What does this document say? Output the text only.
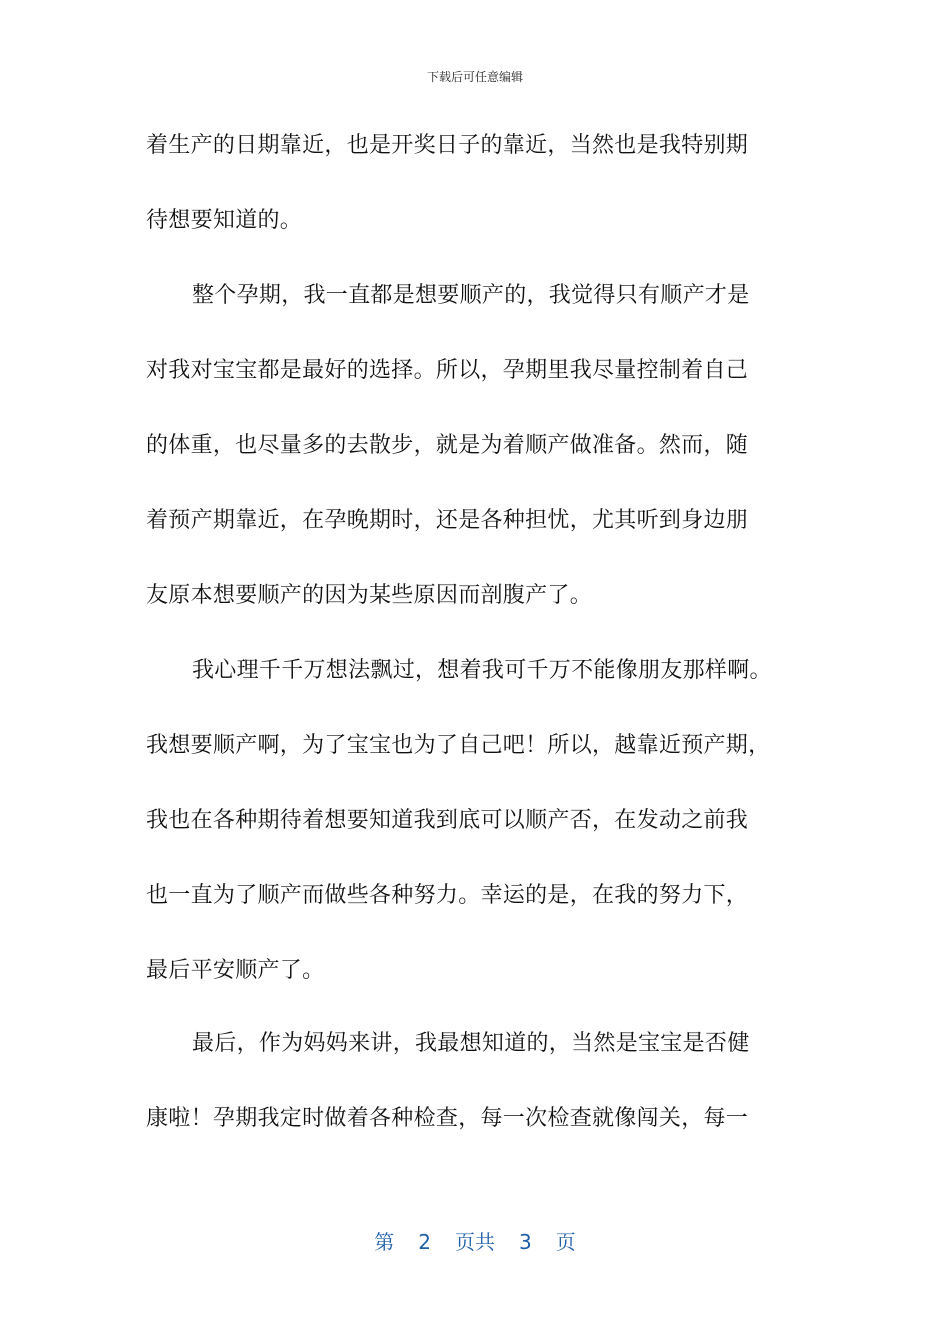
下载后可任意编辑
着生产的日期靠近，也是开奖日子的靠近，当然也是我特别期
待想要知道的。
整个孕期，我一直都是想要顺产的，我觉得只有顺产才是
对我对宝宝都是最好的选择。所以，孕期里我尽量控制着自己
的体重，也尽量多的去散步，就是为着顺产做准备。然而，随
着预产期靠近，在孕晚期时，还是各种担忧，尤其听到身边朋
友原本想要顺产的因为某些原因而剖腹产了。
我心理千千万想法飘过，想着我可千万不能像朋友那样啊。
我想要顺产啊，为了宝宝也为了自己吧！所以，越靠近预产期，
我也在各种期待着想要知道我到底可以顺产否，在发动之前我
也一直为了顺产而做些各种努力。幸运的是，在我的努力下，
最后平安顺产了。
最后，作为妈妈来讲，我最想知道的，当然是宝宝是否健
康啦！孕期我定时做着各种检查，每一次检查就像闯关，每一
第 2 页共 3 页
